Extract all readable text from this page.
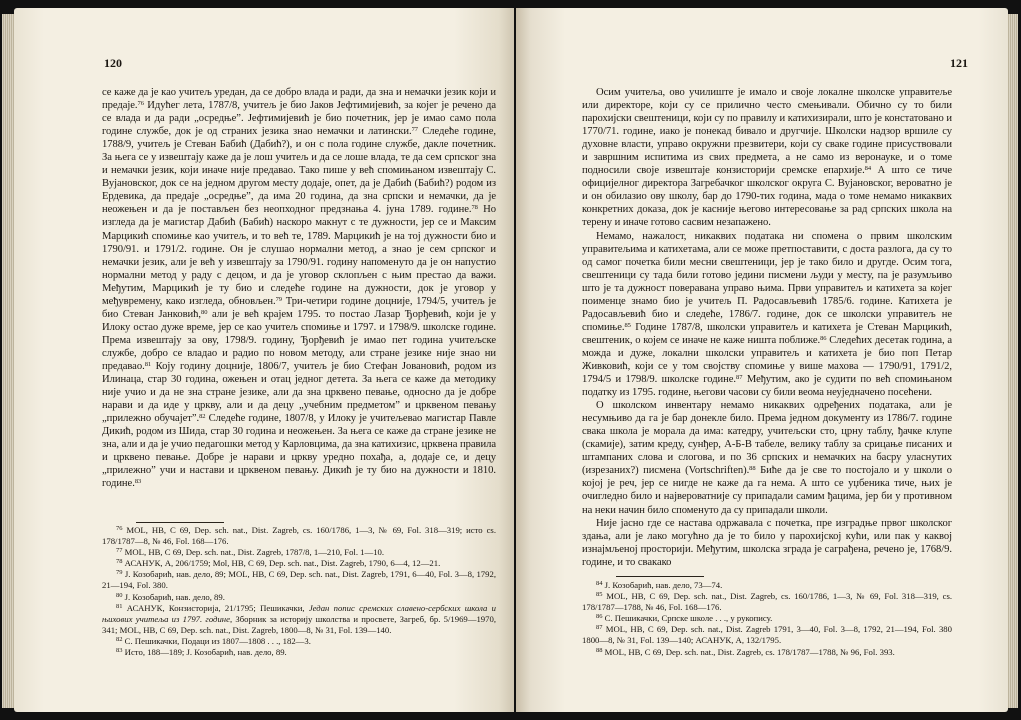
120

се каже да је као учитељ уредан, да се добро влада и ради, да зна и немачки језик који и предаје.$^{76}$ Идућег лета, 1787/8, учитељ је био Јаков Јефтимијевић, за којег је речено да се влада и да ради „осредње”. Јефтимијевић је био почетник, јер је имао само пола године службе, док је од страних језика знао немачки и латински.$^{77}$ Следеће године, 1788/9, учитељ је Стеван Бабић (Дабић?), и он с пола године службе, дакле почетник. За њега се у извештају каже да је лош учитељ и да се лоше влада, те да сем српског зна и немачки језик, који иначе није предавао. Тако пише у већ спомињаном извештају С. Вујановског, док се на једном другом месту додаје, опет, да је Дабић (Бабић?) родом из Ердевика, да предаје „осредње”, да има 20 година, да зна српски и немачки, да је неожењен и да је постављен без неопходног предзнања 4. јуна 1789. године.$^{78}$ Но изгледа да је магистар Дабић (Бабић) наскоро макнут с те дужности, јер се и Максим Марцикић спомиње као учитељ, и то већ те, 1789. Марцикић је на тој дужности био и 1790/91. и 1791/2. године. Он је слушао нормални метод, а знао је сем српског и немачки језик, али је већ у извештају за 1790/91. годину напоменуто да је он напустио нормални метод у раду с децом, и да је уговор склопљен с њим престао да важи. Међутим, Марцикић је ту био и следеће године на дужности, док је уговор у међувремену, како изгледа, обновљен.$^{79}$ Три-четири године доцније, 1794/5, учитељ је био Стеван Јанковић,$^{80}$ али је већ крајем 1795. то постао Лазар Ђорђевић, који је у Илоку остао дуже време, јер се као учитељ спомиње и 1797. и 1798/9. школске године. Према извештају за ову, 1798/9. годину, Ђорђевић је имао пет година учитељске службе, добро се владао и радио по новом методу, али стране језике није знао ни предавао.$^{81}$ Коју годину доцније, 1806/7, учитељ је био Стефан Јовановић, родом из Илинаца, стар 30 година, ожењен и отац једног детета. За њега се каже да методику није учио и да не зна стране језике, али да зна црквено певање, односно да је добре нарави и да иде у цркву, али и да децу „учебним предметом” и црквеном певању „прилежно обучајет”.$^{82}$ Следеће године, 1807/8, у Илоку је учитељевао магистар Павле Дикић, родом из Шида, стар 30 година и неожењен. За њега се каже да стране језике не зна, али и да је учио педагошки метод у Карловцима, да зна катихизис, црквена правила и црквено певање. Добре је нарави и цркву уредно похађа, а, додаје се, и децу „прилежно” учи и настави и црквеном певању. Дикић је ту био на дужности и 1810. године.$^{83}$

$^{76}$ MOL, HB, C 69, Dep. sch. nat., Dist. Zagreb, cs. 160/1786, 1—3, № 69, Fol. 318—319; исто cs. 178/1787—8, № 46, Fol. 168—176.

$^{77}$ MOL, HB, C 69, Dep. sch. nat., Dist. Zagreb, 1787/8, 1—210, Fol. 1—10.

$^{78}$ АСАНУК, А, 206/1759; Mol, HB, C 69, Dep. sch. nat., Dist. Zagreb, 1790, 6—4, 12—21.

$^{79}$ Ј. Козобарић, нав. дело, 89; MOL, HB, C 69, Dep. sch. nat., Dist. Zagreb, 1791, 6—40, Fol. 3—8, 1792, 21—194, Fol. 380.

$^{80}$ Ј. Козобарић, нав. дело, 89.

$^{81}$ АСАНУК, Конзисторија, 21/1795; Пешикачки, Један попис сремских славено-сербских школа и њихових учитеља из 1797. године, Зборник за историју школства и просвете, Загреб, бр. 5/1969—1970, 341; MOL, HB, C 69, Dep. sch. nat., Dist. Zagreb, 1800—8, № 31, Fol. 139—140.

$^{82}$ С. Пешикачки, Подаци из 1807—1808 . . ., 182—3.

$^{83}$ Исто, 188—189; Ј. Козобарић, нав. дело, 89.

121

Осим учитеља, ово училиште је имало и своје локалне школске управитеље или директоре, који су се прилично често смењивали. Обично су то били парохијски свештеници, који су по правилу и катихизирали, што је констатовано и 1770/71. године, иако је понекад бивало и другчије. Школски надзор вршиле су духовне власти, управо окружни презвитери, који су сваке године присуствовали и завршним испитима из свих предмета, а не само из веронауке, и о томе подносили своје извештаје конзисторији сремске епархије.$^{84}$ А што се тиче официјелног директора Загребачког школског округа С. Вујановског, вероватно је и он обилазио ову школу, бар до 1790-тих година, мада о томе немамо никаквих конкретних доказа, док је касније његово интересовање за рад српских школа на терену и иначе готово сасвим незапажено.

Немамо, нажалост, никаквих података ни спомена о првим школским управитељима и катихетама, али се може претпоставити, с доста разлога, да су то од самог почетка били месни свештеници, јер је тако било и другде. Осим тога, свештеници су тада били готово једини писмени људи у месту, па је разумљиво што је та дужност поверавана управо њима. Први управитељ и катихета за којег поименце знамо био је учитељ П. Радосављевић 1785/6. године. Катихета је Радосављевић био и следеће, 1786/7. године, док се школски управитељ не спомиње.$^{85}$ Године 1787/8, школски управитељ и катихета је Стеван Марцикић, свештеник, о којем се иначе не каже ништа поближе.$^{86}$ Следећих десетак година, а можда и дуже, локални школски управитељ и катихета је био поп Петар Живковић, који се у том својству спомиње у више махова — 1790/91, 1791/2, 1794/5 и 1798/9. школске године.$^{87}$ Међутим, ако је судити по већ спомињаном податку из 1795. године, његови часови су били веома неуједначено посећени.

О школском инвентару немамо никаквих одређених података, али је несумњиво да га је бар донекле било. Према једном документу из 1786/7. године свака школа је морала да има: катедру, учитељски сто, црну таблу, ђачке клупе (скамије), затим креду, сунђер, А-Б-В табеле, велику таблу за срицање писаних и штампаних слова и слогова, и по 36 српских и немачких на басру уласнутих (изрезаних?) писмена (Vortschriften).$^{88}$ Биће да је све то постојало и у школи о којој је реч, јер се нигде не каже да га нема. А што се уџбеника тиче, њих је очигледно било и највероватније су припадали самим ђацима, јер би у противном на неки начин било споменуто да су припадали школи.

Није јасно где се настава одржавала с почетка, пре изградње првог школског здања, али је лако могућно да је то било у парохијској кући, или пак у каквој изнајмљеној просторији. Међутим, школска зграда је саграђена, речено је, 1768/9. године, и то свакако

$^{84}$ Ј. Козобарић, нав. дело, 73—74.

$^{85}$ MOL, HB, C 69, Dep. sch. nat., Dist. Zagreb, cs. 160/1786, 1—3, № 69, Fol. 318—319, cs. 178/1787—1788, № 46, Fol. 168—176.

$^{86}$ С. Пешикачки, Српске школе . . ., у рукопису.

$^{87}$ MOL, HB, C 69, Dep. sch. nat., Dist. Zagreb 1791, 3—40, Fol. 3—8, 1792, 21—194, Fol. 380 1800—8, № 31, Fol. 139—140; АСАНУК, А, 132/1795.

$^{88}$ MOL, HB, C 69, Dep. sch. nat., Dist. Zagreb, cs. 178/1787—1788, № 96, Fol. 393.
